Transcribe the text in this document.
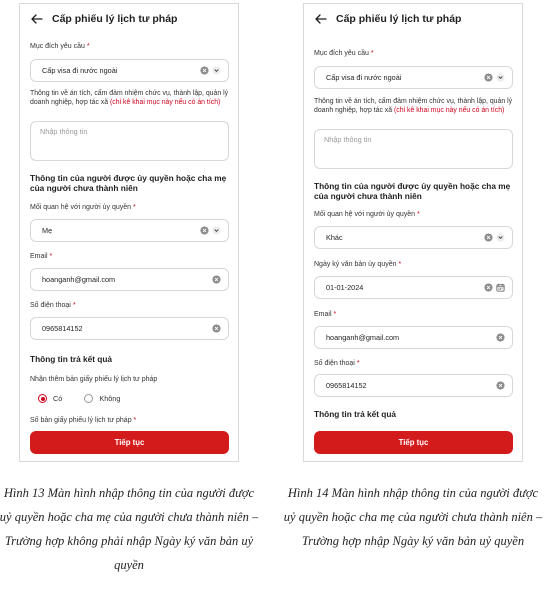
Cấp phiếu lý lịch tư pháp
Mục đích yêu cầu *
Cấp visa đi nước ngoài
Thông tin về án tích, cấm đảm nhiệm chức vụ, thành lập, quản lý doanh nghiệp, hợp tác xã (chỉ kê khai mục này nếu có án tích)
Nhập thông tin
Thông tin của người được ủy quyền hoặc cha mẹ của người chưa thành niên
Mối quan hệ với người ủy quyền *
Mẹ
Email *
hoanganh@gmail.com
Số điện thoại *
0965814152
Thông tin trả kết quả
Nhận thêm bản giấy phiếu lý lịch tư pháp
Có	Không
Số bản giấy phiếu lý lịch tư pháp *
Tiếp tục
Cấp phiếu lý lịch tư pháp
Mục đích yêu cầu *
Cấp visa đi nước ngoài
Thông tin về án tích, cấm đảm nhiệm chức vụ, thành lập, quản lý doanh nghiệp, hợp tác xã (chỉ kê khai mục này nếu có án tích)
Nhập thông tin
Thông tin của người được ủy quyền hoặc cha mẹ của người chưa thành niên
Mối quan hệ với người ủy quyền *
Khác
Ngày ký văn bản ủy quyền *
01-01-2024
Email *
hoanganh@gmail.com
Số điện thoại *
0965814152
Thông tin trả kết quả
Tiếp tục
Hình 13 Màn hình nhập thông tin của người được uỷ quyền hoặc cha mẹ của người chưa thành niên – Trường hợp không phải nhập Ngày ký văn bản uỷ quyền
Hình 14 Màn hình nhập thông tin của người được uỷ quyền hoặc cha mẹ của người chưa thành niên – Trường hợp nhập Ngày ký văn bản uỷ quyền
